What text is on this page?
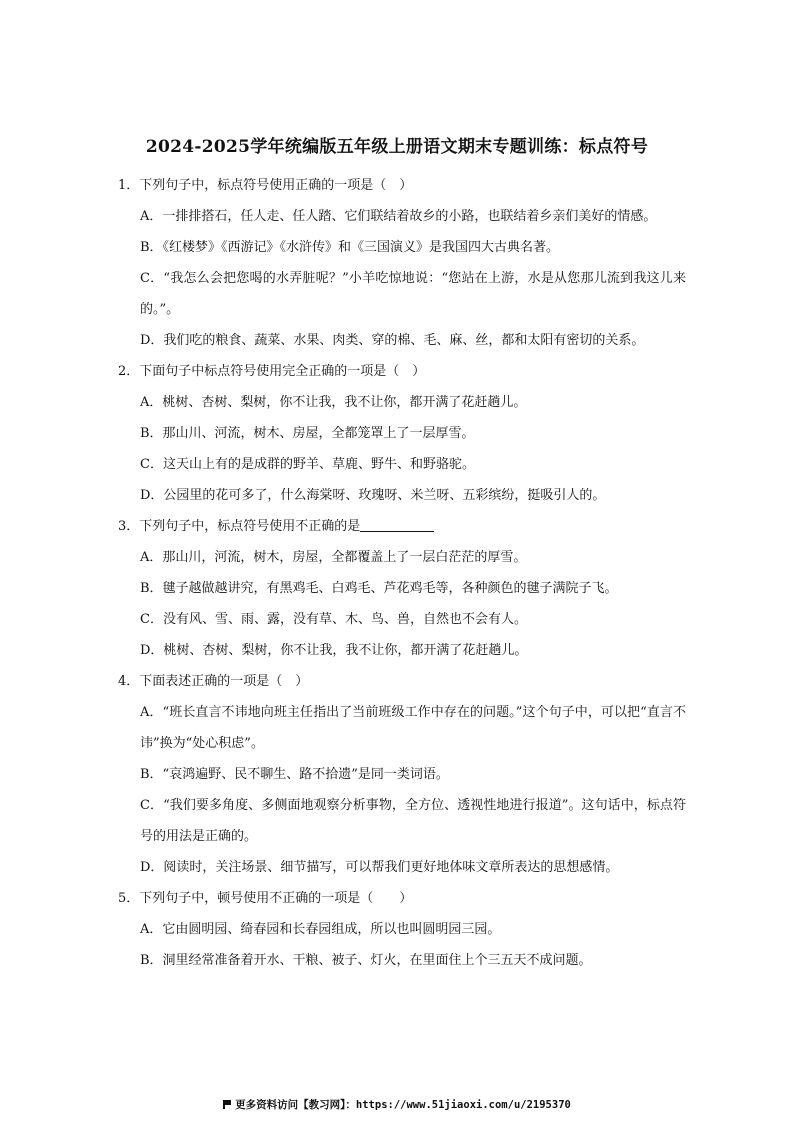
2024-2025学年统编版五年级上册语文期末专题训练：标点符号
1．下列句子中，标点符号使用正确的一项是（　）
A．一排排搭石，任人走、任人踏、它们联结着故乡的小路，也联结着乡亲们美好的情感。
B．《红楼梦》《西游记》《水浒传》和《三国演义》是我国四大古典名著。
C．“我怎么会把您喝的水弄脏呢？”小羊吃惊地说：“您站在上游，水是从您那儿流到我这儿来的。”。
D．我们吃的粮食、蔬菜、水果、肉类、穿的棉、毛、麻、丝，都和太阳有密切的关系。
2．下面句子中标点符号使用完全正确的一项是（　）
A．桃树、杏树、梨树，你不让我，我不让你，都开满了花赶趟儿。
B．那山川、河流，树木、房屋，全都笼罩上了一层厚雪。
C．这天山上有的是成群的野羊、草鹿、野牛、和野骆驼。
D．公园里的花可多了，什么海棠呀、玫瑰呀、米兰呀、五彩缤纷，挺吸引人的。
3．下列句子中，标点符号使用不正确的是
A．那山川，河流，树木，房屋，全都覆盖上了一层白茫茫的厚雪。
B．毽子越做越讲究，有黑鸡毛、白鸡毛、芦花鸡毛等，各种颜色的毽子满院子飞。
C．没有风、雪、雨、露，没有草、木、鸟、兽，自然也不会有人。
D．桃树、杏树、梨树，你不让我，我不让你，都开满了花赶趟儿。
4．下面表述正确的一项是（　）
A．“班长直言不讳地向班主任指出了当前班级工作中存在的问题。”这个句子中，可以把“直言不讳”换为“处心积虑”。
B．“哀鸿遍野、民不聊生、路不拾遗”是同一类词语。
C．“我们要多角度、多侧面地观察分析事物，全方位、透视性地进行报道”。这句话中，标点符号的用法是正确的。
D．阅读时，关注场景、细节描写，可以帮我们更好地体味文章所表达的思想感情。
5．下列句子中，顿号使用不正确的一项是（　　）
A．它由圆明园、绮春园和长春园组成，所以也叫圆明园三园。
B．洞里经常准备着开水、干粮、被子、灯火，在里面住上个三五天不成问题。
更多资料访问【教习网】：https://www.51jiaoxi.com/u/2195370
